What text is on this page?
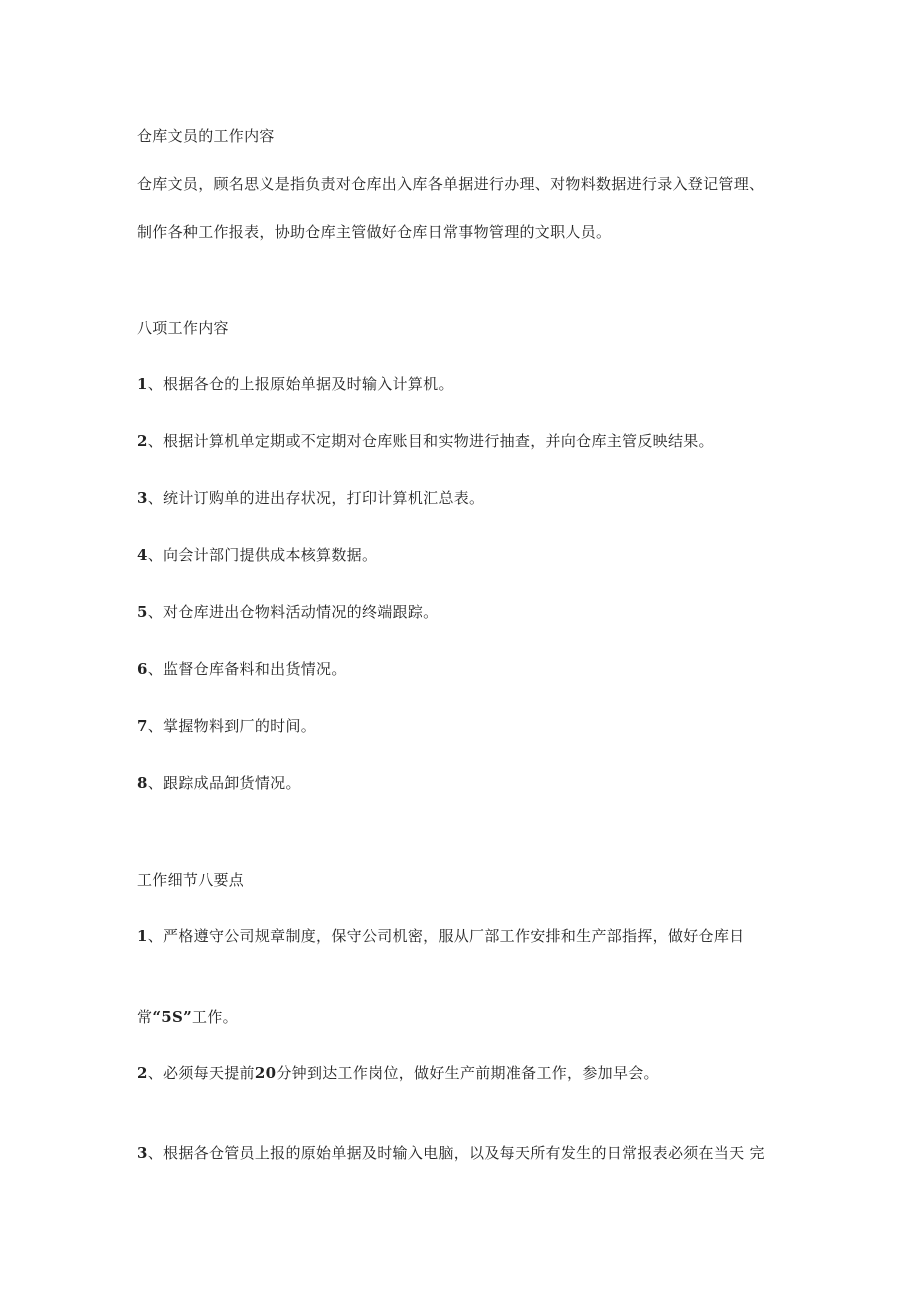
仓库文员的工作内容
仓库文员，顾名思义是指负责对仓库出入库各单据进行办理、对物料数据进行录入登记管理、
制作各种工作报表，协助仓库主管做好仓库日常事物管理的文职人员。
八项工作内容
1、根据各仓的上报原始单据及时输入计算机。
2、根据计算机单定期或不定期对仓库账目和实物进行抽查，并向仓库主管反映结果。
3、统计订购单的进出存状况，打印计算机汇总表。
4、向会计部门提供成本核算数据。
5、对仓库进出仓物料活动情况的终端跟踪。
6、监督仓库备料和出货情况。
7、掌握物料到厂的时间。
8、跟踪成品卸货情况。
工作细节八要点
1、严格遵守公司规章制度，保守公司机密，服从厂部工作安排和生产部指挥，做好仓库日
常“5S”工作。
2、必须每天提前20分钟到达工作岗位，做好生产前期准备工作，参加早会。
3、根据各仓管员上报的原始单据及时输入电脑，以及每天所有发生的日常报表必须在当天 完
